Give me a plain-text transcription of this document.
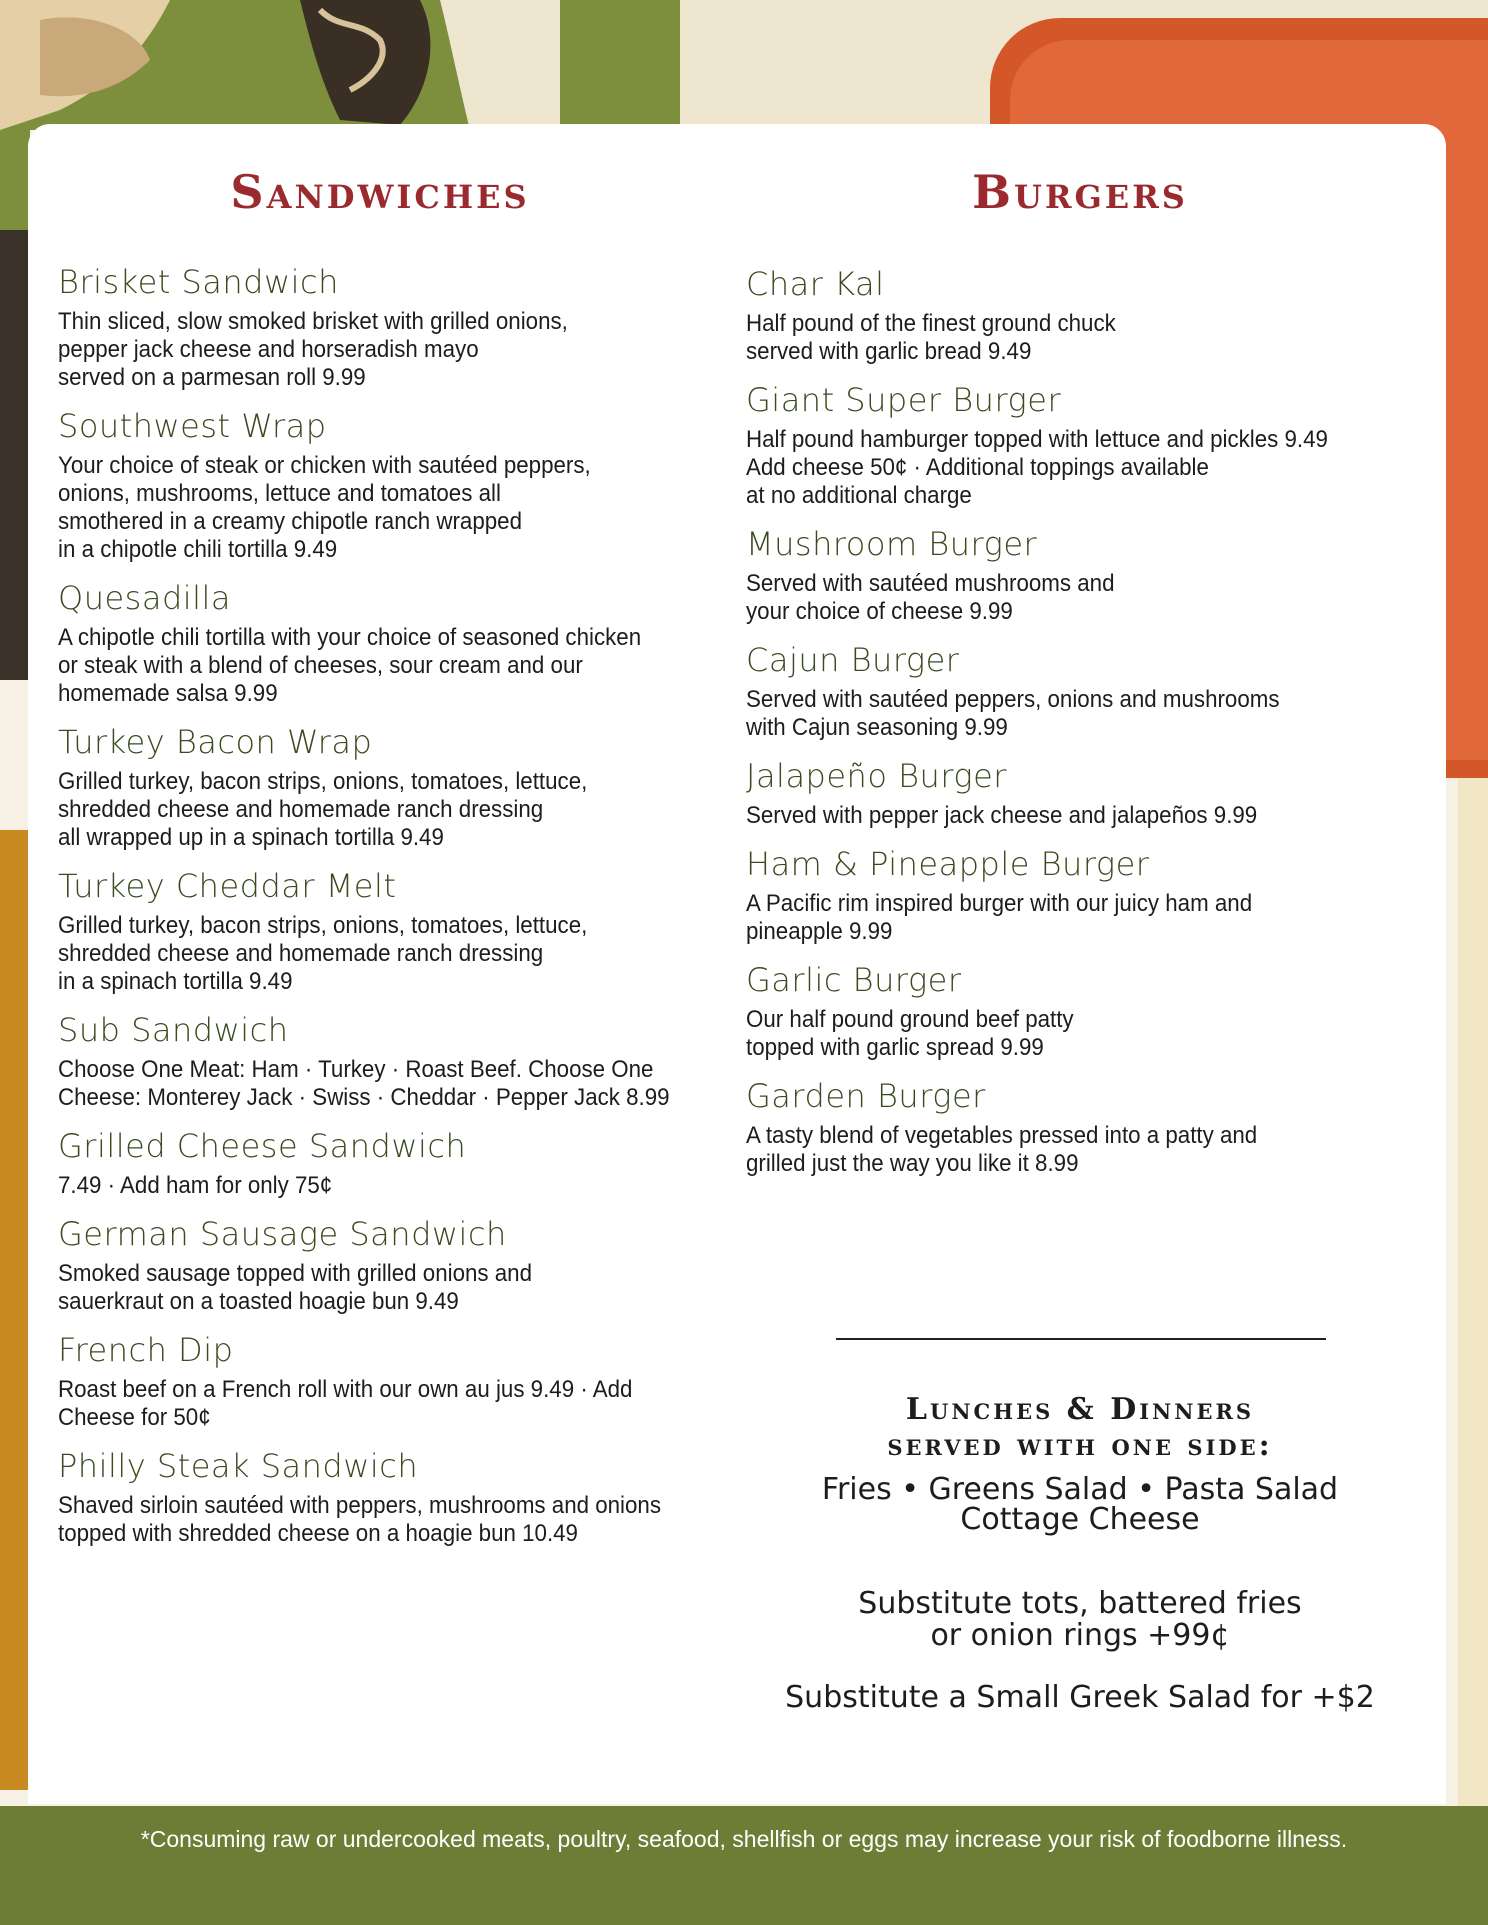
Sandwiches	Burgers
Brisket Sandwich
Thin sliced, slow smoked brisket with grilled onions,
pepper jack cheese and horseradish mayo
served on a parmesan roll 9.99
Southwest Wrap
Your choice of steak or chicken with sautéed peppers,
onions, mushrooms, lettuce and tomatoes all
smothered in a creamy chipotle ranch wrapped
in a chipotle chili tortilla 9.49
Quesadilla
A chipotle chili tortilla with your choice of seasoned chicken
or steak with a blend of cheeses, sour cream and our
homemade salsa 9.99
Turkey Bacon Wrap
Grilled turkey, bacon strips, onions, tomatoes, lettuce,
shredded cheese and homemade ranch dressing
all wrapped up in a spinach tortilla 9.49
Turkey Cheddar Melt
Grilled turkey, bacon strips, onions, tomatoes, lettuce,
shredded cheese and homemade ranch dressing
in a spinach tortilla 9.49
Sub Sandwich
Choose One Meat: Ham · Turkey · Roast Beef. Choose One
Cheese: Monterey Jack · Swiss · Cheddar · Pepper Jack 8.99
Grilled Cheese Sandwich
7.49 · Add ham for only 75¢
German Sausage Sandwich
Smoked sausage topped with grilled onions and
sauerkraut on a toasted hoagie bun 9.49
French Dip
Roast beef on a French roll with our own au jus 9.49 · Add
Cheese for 50¢
Philly Steak Sandwich
Shaved sirloin sautéed with peppers, mushrooms and onions
topped with shredded cheese on a hoagie bun 10.49
Char Kal
Half pound of the finest ground chuck
served with garlic bread 9.49
Giant Super Burger
Half pound hamburger topped with lettuce and pickles 9.49
Add cheese 50¢ · Additional toppings available
at no additional charge
Mushroom Burger
Served with sautéed mushrooms and
your choice of cheese 9.99
Cajun Burger
Served with sautéed peppers, onions and mushrooms
with Cajun seasoning 9.99
Jalapeño Burger
Served with pepper jack cheese and jalapeños 9.99
Ham & Pineapple Burger
A Pacific rim inspired burger with our juicy ham and
pineapple 9.99
Garlic Burger
Our half pound ground beef patty
topped with garlic spread 9.99
Garden Burger
A tasty blend of vegetables pressed into a patty and
grilled just the way you like it 8.99
Lunches & Dinners
served with one side:
Fries • Greens Salad • Pasta Salad
Cottage Cheese
Substitute tots, battered fries
or onion rings +99¢
Substitute a Small Greek Salad for +$2
*Consuming raw or undercooked meats, poultry, seafood, shellfish or eggs may increase your risk of foodborne illness.
